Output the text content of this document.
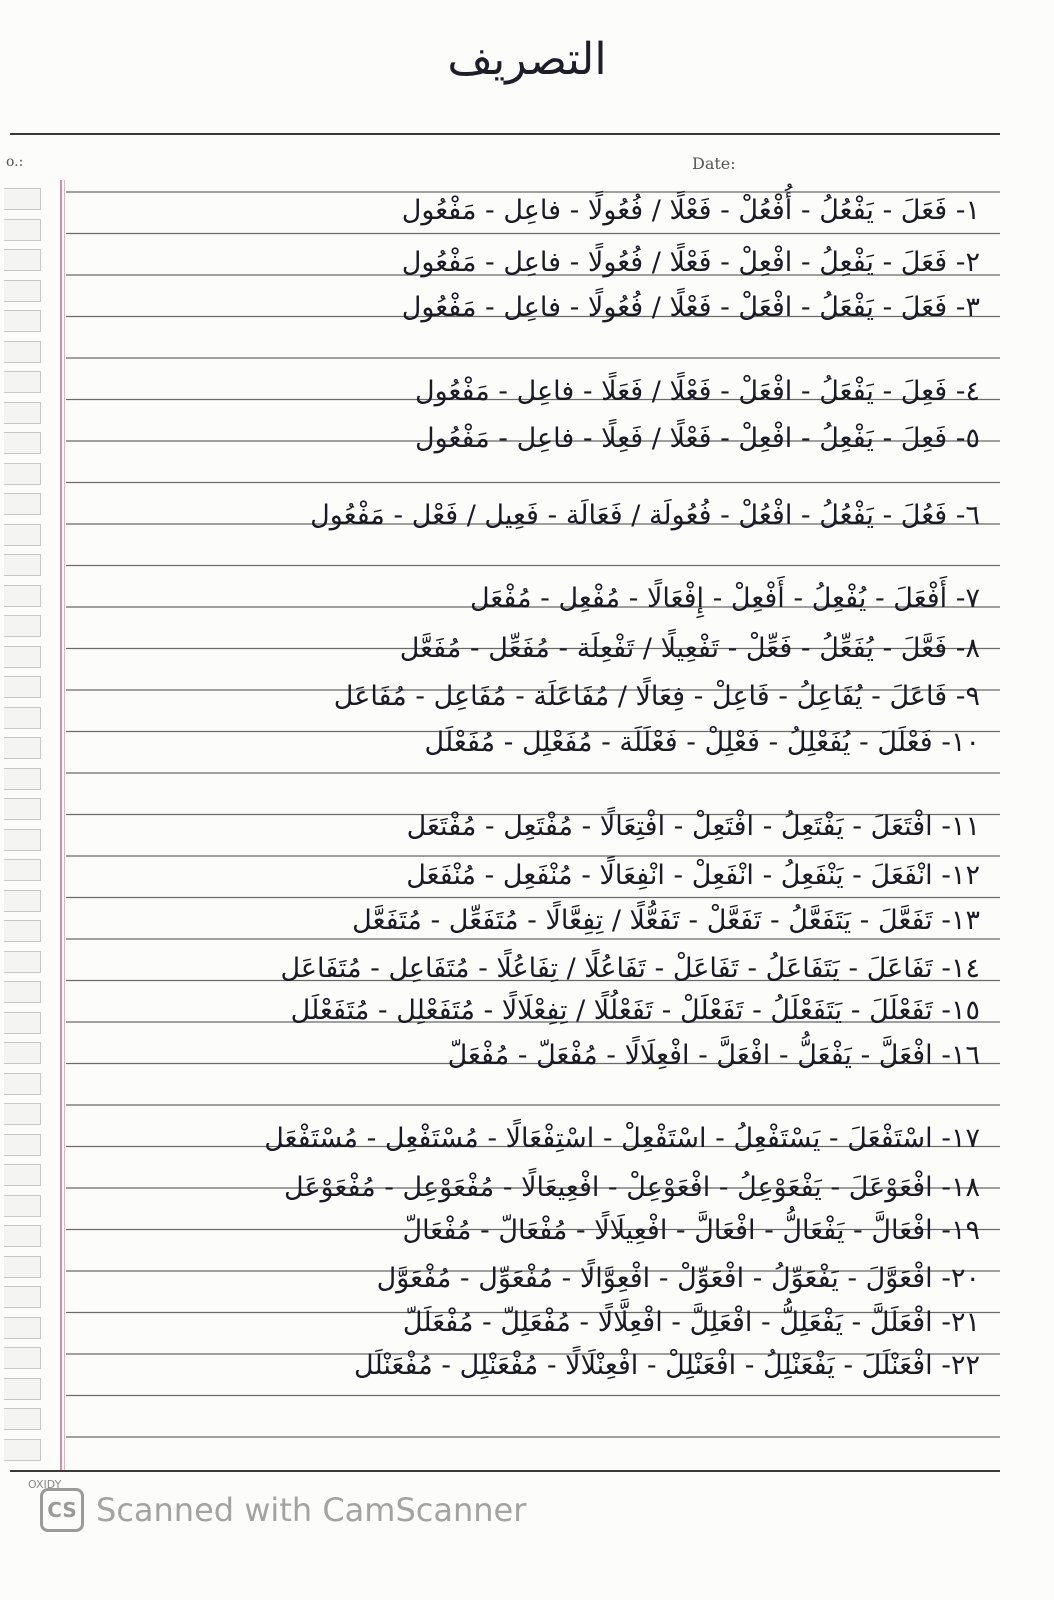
التصريف
o.:	Date:
١- فَعَلَ - يَفْعُلُ - أُفْعُلْ - فَعْلًا / فُعُولًا - فاعِل - مَفْعُول
٢- فَعَلَ - يَفْعِلُ - افْعِلْ - فَعْلًا / فُعُولًا - فاعِل - مَفْعُول
٣- فَعَلَ - يَفْعَلُ - افْعَلْ - فَعْلًا / فُعُولًا - فاعِل - مَفْعُول
٤- فَعِلَ - يَفْعَلُ - افْعَلْ - فَعْلًا / فَعَلًا - فاعِل - مَفْعُول
٥- فَعِلَ - يَفْعِلُ - افْعِلْ - فَعْلًا / فَعِلًا - فاعِل - مَفْعُول
٦- فَعُلَ - يَفْعُلُ - افْعُلْ - فُعُولَة / فَعَالَة - فَعِيل / فَعْل - مَفْعُول
٧- أَفْعَلَ - يُفْعِلُ - أَفْعِلْ - إِفْعَالًا - مُفْعِل - مُفْعَل
٨- فَعَّلَ - يُفَعِّلُ - فَعِّلْ - تَفْعِيلًا / تَفْعِلَة - مُفَعِّل - مُفَعَّل
٩- فَاعَلَ - يُفَاعِلُ - فَاعِلْ - فِعَالًا / مُفَاعَلَة - مُفَاعِل - مُفَاعَل
١٠- فَعْلَلَ - يُفَعْلِلُ - فَعْلِلْ - فَعْلَلَة - مُفَعْلِل - مُفَعْلَل
١١- افْتَعَلَ - يَفْتَعِلُ - افْتَعِلْ - افْتِعَالًا - مُفْتَعِل - مُفْتَعَل
١٢- انْفَعَلَ - يَنْفَعِلُ - انْفَعِلْ - انْفِعَالًا - مُنْفَعِل - مُنْفَعَل
١٣- تَفَعَّلَ - يَتَفَعَّلُ - تَفَعَّلْ - تَفَعُّلًا / تِفِعَّالًا - مُتَفَعِّل - مُتَفَعَّل
١٤- تَفَاعَلَ - يَتَفَاعَلُ - تَفَاعَلْ - تَفَاعُلًا / تِفَاعُلًا - مُتَفَاعِل - مُتَفَاعَل
١٥- تَفَعْلَلَ - يَتَفَعْلَلُ - تَفَعْلَلْ - تَفَعْلُلًا / تِفِعْلَالًا - مُتَفَعْلِل - مُتَفَعْلَل
١٦- افْعَلَّ - يَفْعَلُّ - افْعَلَّ - افْعِلَالًا - مُفْعَلّ - مُفْعَلّ
١٧- اسْتَفْعَلَ - يَسْتَفْعِلُ - اسْتَفْعِلْ - اسْتِفْعَالًا - مُسْتَفْعِل - مُسْتَفْعَل
١٨- افْعَوْعَلَ - يَفْعَوْعِلُ - افْعَوْعِلْ - افْعِيعَالًا - مُفْعَوْعِل - مُفْعَوْعَل
١٩- افْعَالَّ - يَفْعَالُّ - افْعَالَّ - افْعِيلَالًا - مُفْعَالّ - مُفْعَالّ
٢٠- افْعَوَّلَ - يَفْعَوِّلُ - افْعَوِّلْ - افْعِوَّالًا - مُفْعَوِّل - مُفْعَوَّل
٢١- افْعَلَلَّ - يَفْعَلِلُّ - افْعَلِلَّ - افْعِلَّالًا - مُفْعَلِلّ - مُفْعَلَلّ
٢٢- افْعَنْلَلَ - يَفْعَنْلِلُ - افْعَنْلِلْ - افْعِنْلَالًا - مُفْعَنْلِل - مُفْعَنْلَل
OXIDY
CS Scanned with CamScanner
